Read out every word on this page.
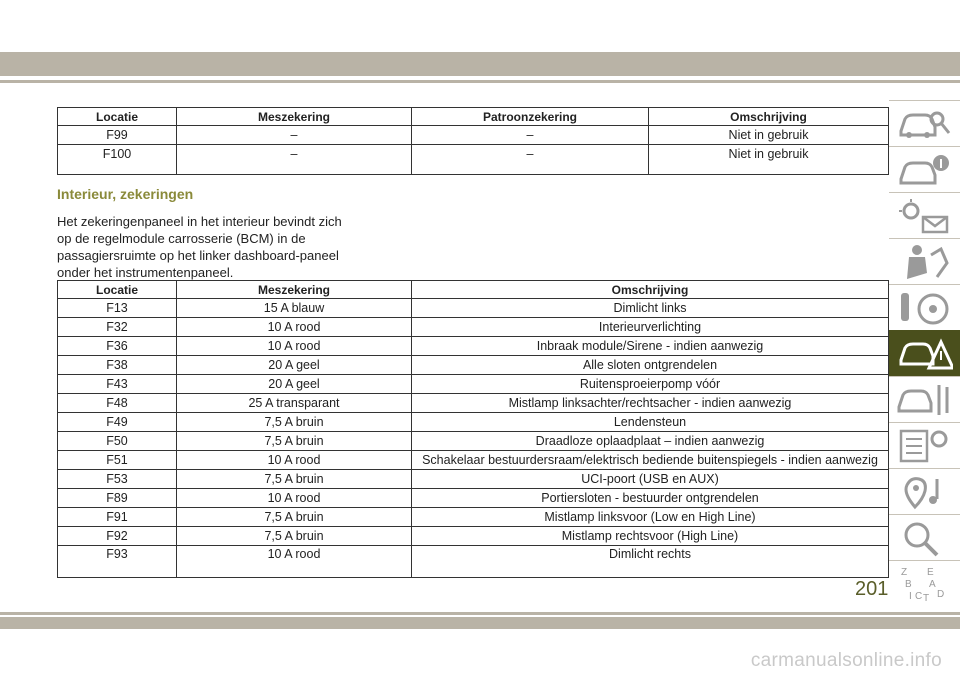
Locatie	Meszekering	Patroonzekering	Omschrijving
F99	–	–	Niet in gebruik
F100	–	–	Niet in gebruik
Interieur, zekeringen
Het zekeringenpaneel in het interieur bevindt zich op de regelmodule carrosserie (BCM) in de passagiersruimte op het linker dashboard-paneel onder het instrumentenpaneel.
Locatie	Meszekering	Omschrijving
F13	15 A blauw	Dimlicht links
F32	10 A rood	Interieurverlichting
F36	10 A rood	Inbraak module/Sirene - indien aanwezig
F38	20 A geel	Alle sloten ontgrendelen
F43	20 A geel	Ruitensproeierpomp vóór
F48	25 A transparant	Mistlamp linksachter/rechtsacher - indien aanwezig
F49	7,5 A bruin	Lendensteun
F50	7,5 A bruin	Draadloze oplaadplaat – indien aanwezig
F51	10 A rood	Schakelaar bestuurdersraam/elektrisch bediende buitenspiegels - indien aanwezig
F53	7,5 A bruin	UCI-poort (USB en AUX)
F89	10 A rood	Portiersloten - bestuurder ontgrendelen
F91	7,5 A bruin	Mistlamp linksvoor (Low en High Line)
F92	7,5 A bruin	Mistlamp rechtsvoor (High Line)
F93	10 A rood	Dimlicht rechts
Z E
B A
C T D
I
201
carmanualsonline.info
